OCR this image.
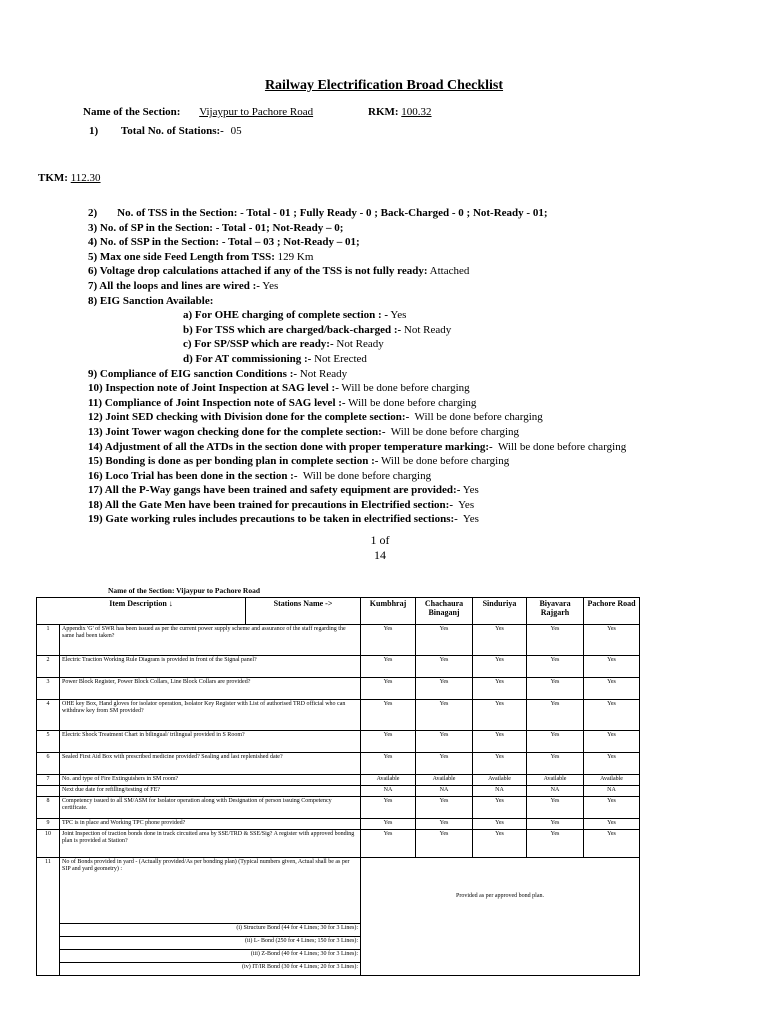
Railway Electrification Broad Checklist
Name of the Section: Vijaypur to Pachore Road	RKM: 100.32
1) Total No. of Stations:- 05
TKM: 112.30
2) No. of TSS in the Section: - Total - 01 ; Fully Ready - 0 ; Back-Charged - 0 ; Not-Ready - 01;
3) No. of SP in the Section: - Total - 01; Not-Ready – 0;
4) No. of SSP in the Section: - Total – 03 ; Not-Ready – 01;
5) Max one side Feed Length from TSS: 129 Km
6) Voltage drop calculations attached if any of the TSS is not fully ready: Attached
7) All the loops and lines are wired :- Yes
8) EIG Sanction Available:
a) For OHE charging of complete section : - Yes
b) For TSS which are charged/back-charged :- Not Ready
c) For SP/SSP which are ready:- Not Ready
d) For AT commissioning :- Not Erected
9) Compliance of EIG sanction Conditions :- Not Ready
10) Inspection note of Joint Inspection at SAG level :- Will be done before charging
11) Compliance of Joint Inspection note of SAG level :- Will be done before charging
12) Joint SED checking with Division done for the complete section:-  Will be done before charging
13) Joint Tower wagon checking done for the complete section:-  Will be done before charging
14) Adjustment of all the ATDs in the section done with proper temperature marking:-  Will be done before charging
15) Bonding is done as per bonding plan in complete section :- Will be done before charging
16) Loco Trial has been done in the section :-  Will be done before charging
17) All the P-Way gangs have been trained and safety equipment are provided:- Yes
18) All the Gate Men have been trained for precautions in Electrified section:-  Yes
19) Gate working rules includes precautions to be taken in electrified sections:-  Yes
1 of
14
Name of the Section: Vijaypur to Pachore Road
Item Description ↓		Stations Name ->	Kumbhraj	Chachaura Binaganj	Sinduriya	Biyavara Rajgarh	Pachore Road
1	Appendix 'G' of SWR has been issued as per the current power supply scheme and assurance of the staff regarding the same had been taken?		Yes	Yes	Yes	Yes	Yes
2	Electric Traction Working Rule Diagram is provided in front of the Signal panel?		Yes	Yes	Yes	Yes	Yes
3	Power Block Register, Power Block Collars, Line Block Collars are provided?		Yes	Yes	Yes	Yes	Yes
4	OHE key Box, Hand gloves for isolator operation, Isolator Key Register with List of authorised TRD official who can withdraw key from SM provided?		Yes	Yes	Yes	Yes	Yes
5	Electric Shock Treatment Chart in bilingual/ trilingual provided in S Room?		Yes	Yes	Yes	Yes	Yes
6	Sealed First Aid Box with prescribed medicine provided? Sealing and last replenished date?		Yes	Yes	Yes	Yes	Yes
7	No. and type of Fire Extinguishers in SM room?		Available	Available	Available	Available	Available
	Next due date for refilling/testing of FE?		NA	NA	NA	NA	NA
8	Competency issued to all SM/ASM for Isolator operation along with Designation of person issuing Competency certificate.		Yes	Yes	Yes	Yes	Yes
9	TPC is in place and Working TPC phone provided?		Yes	Yes	Yes	Yes	Yes
10	Joint Inspection of traction bonds done in track circuited area by SSE/TRD & SSE/Sig? A register with approved bonding plan is provided at Station?		Yes	Yes	Yes	Yes	Yes
11	No of Bonds provided in yard - (Actually provided/As per bonding plan) (Typical numbers given, Actual shall be as per SIP and yard geometry) :		Provided as per approved bond plan.				
	(i) Structure Bond (44 for 4 Lines; 30 for 3 Lines):						
	(ii) L- Bond (250 for 4 Lines; 150 for 3 Lines):						
	(iii) Z-Bond (40 for 4 Lines; 30 for 3 Lines):						
	(iv) IT/IR Bond (30 for 4 Lines; 20 for 3 Lines):						
